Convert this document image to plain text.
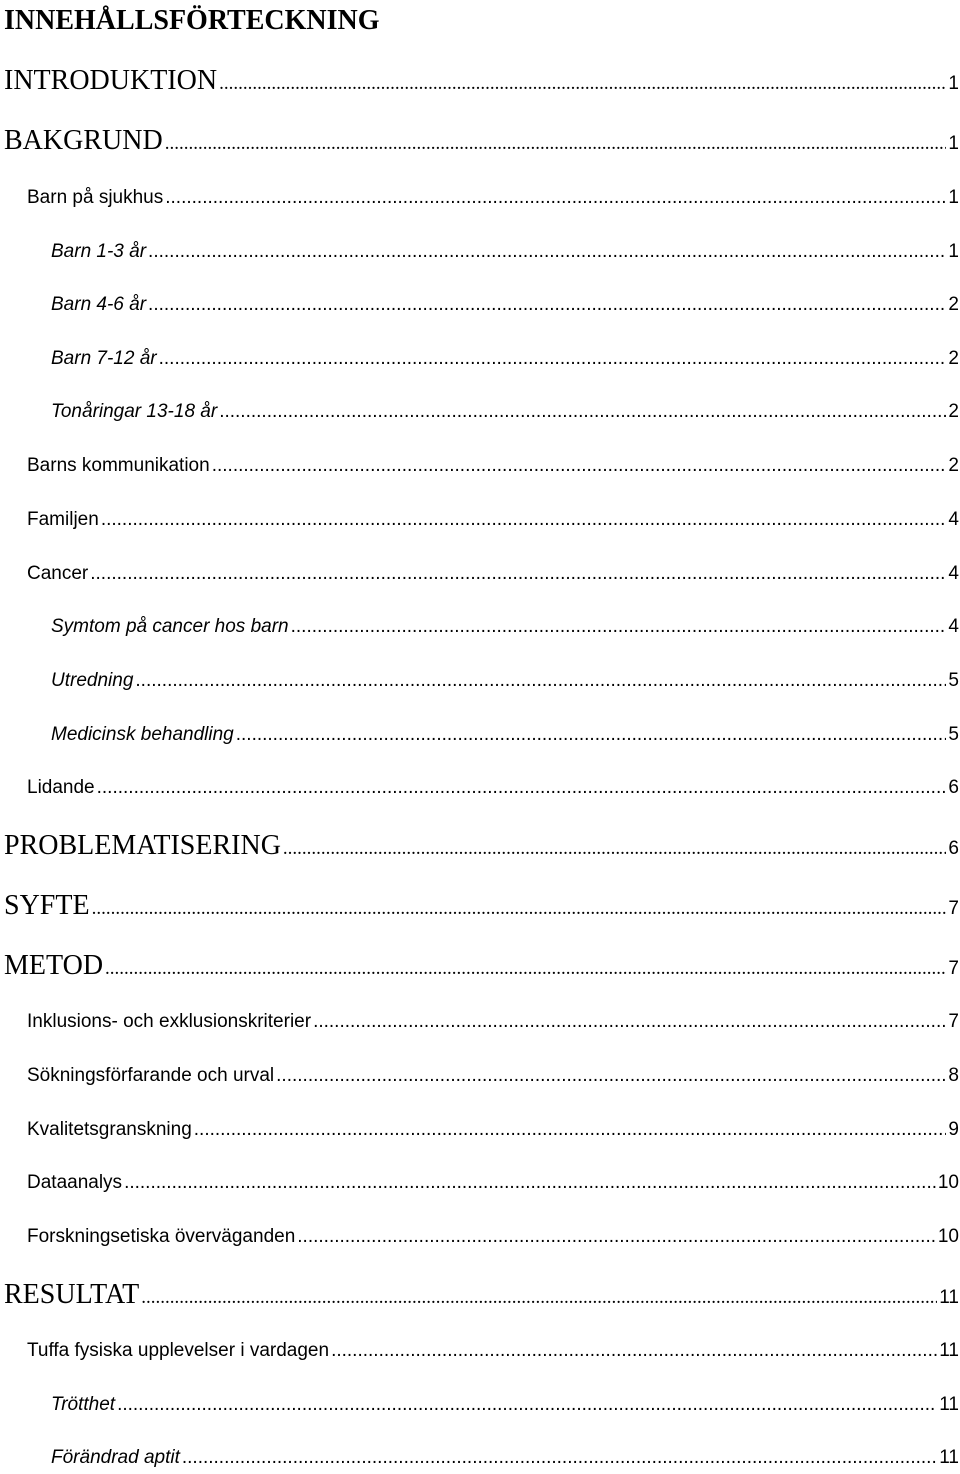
INNEHÅLLSFÖRTECKNING
INTRODUKTION .....	1
BAKGRUND .....	1
Barn på sjukhus .....	1
Barn 1-3 år .....	1
Barn 4-6 år .....	2
Barn 7-12 år .....	2
Tonåringar 13-18 år .....	2
Barns kommunikation .....	2
Familjen .....	4
Cancer .....	4
Symtom på cancer hos barn .....	4
Utredning .....	5
Medicinsk behandling .....	5
Lidande .....	6
PROBLEMATISERING .....	6
SYFTE .....	7
METOD .....	7
Inklusions- och exklusionskriterier .....	7
Sökningsförfarande och urval .....	8
Kvalitetsgranskning .....	9
Dataanalys .....	10
Forskningsetiska överväganden .....	10
RESULTAT .....	11
Tuffa fysiska upplevelser i vardagen .....	11
Trötthet .....	11
Förändrad aptit .....	11
